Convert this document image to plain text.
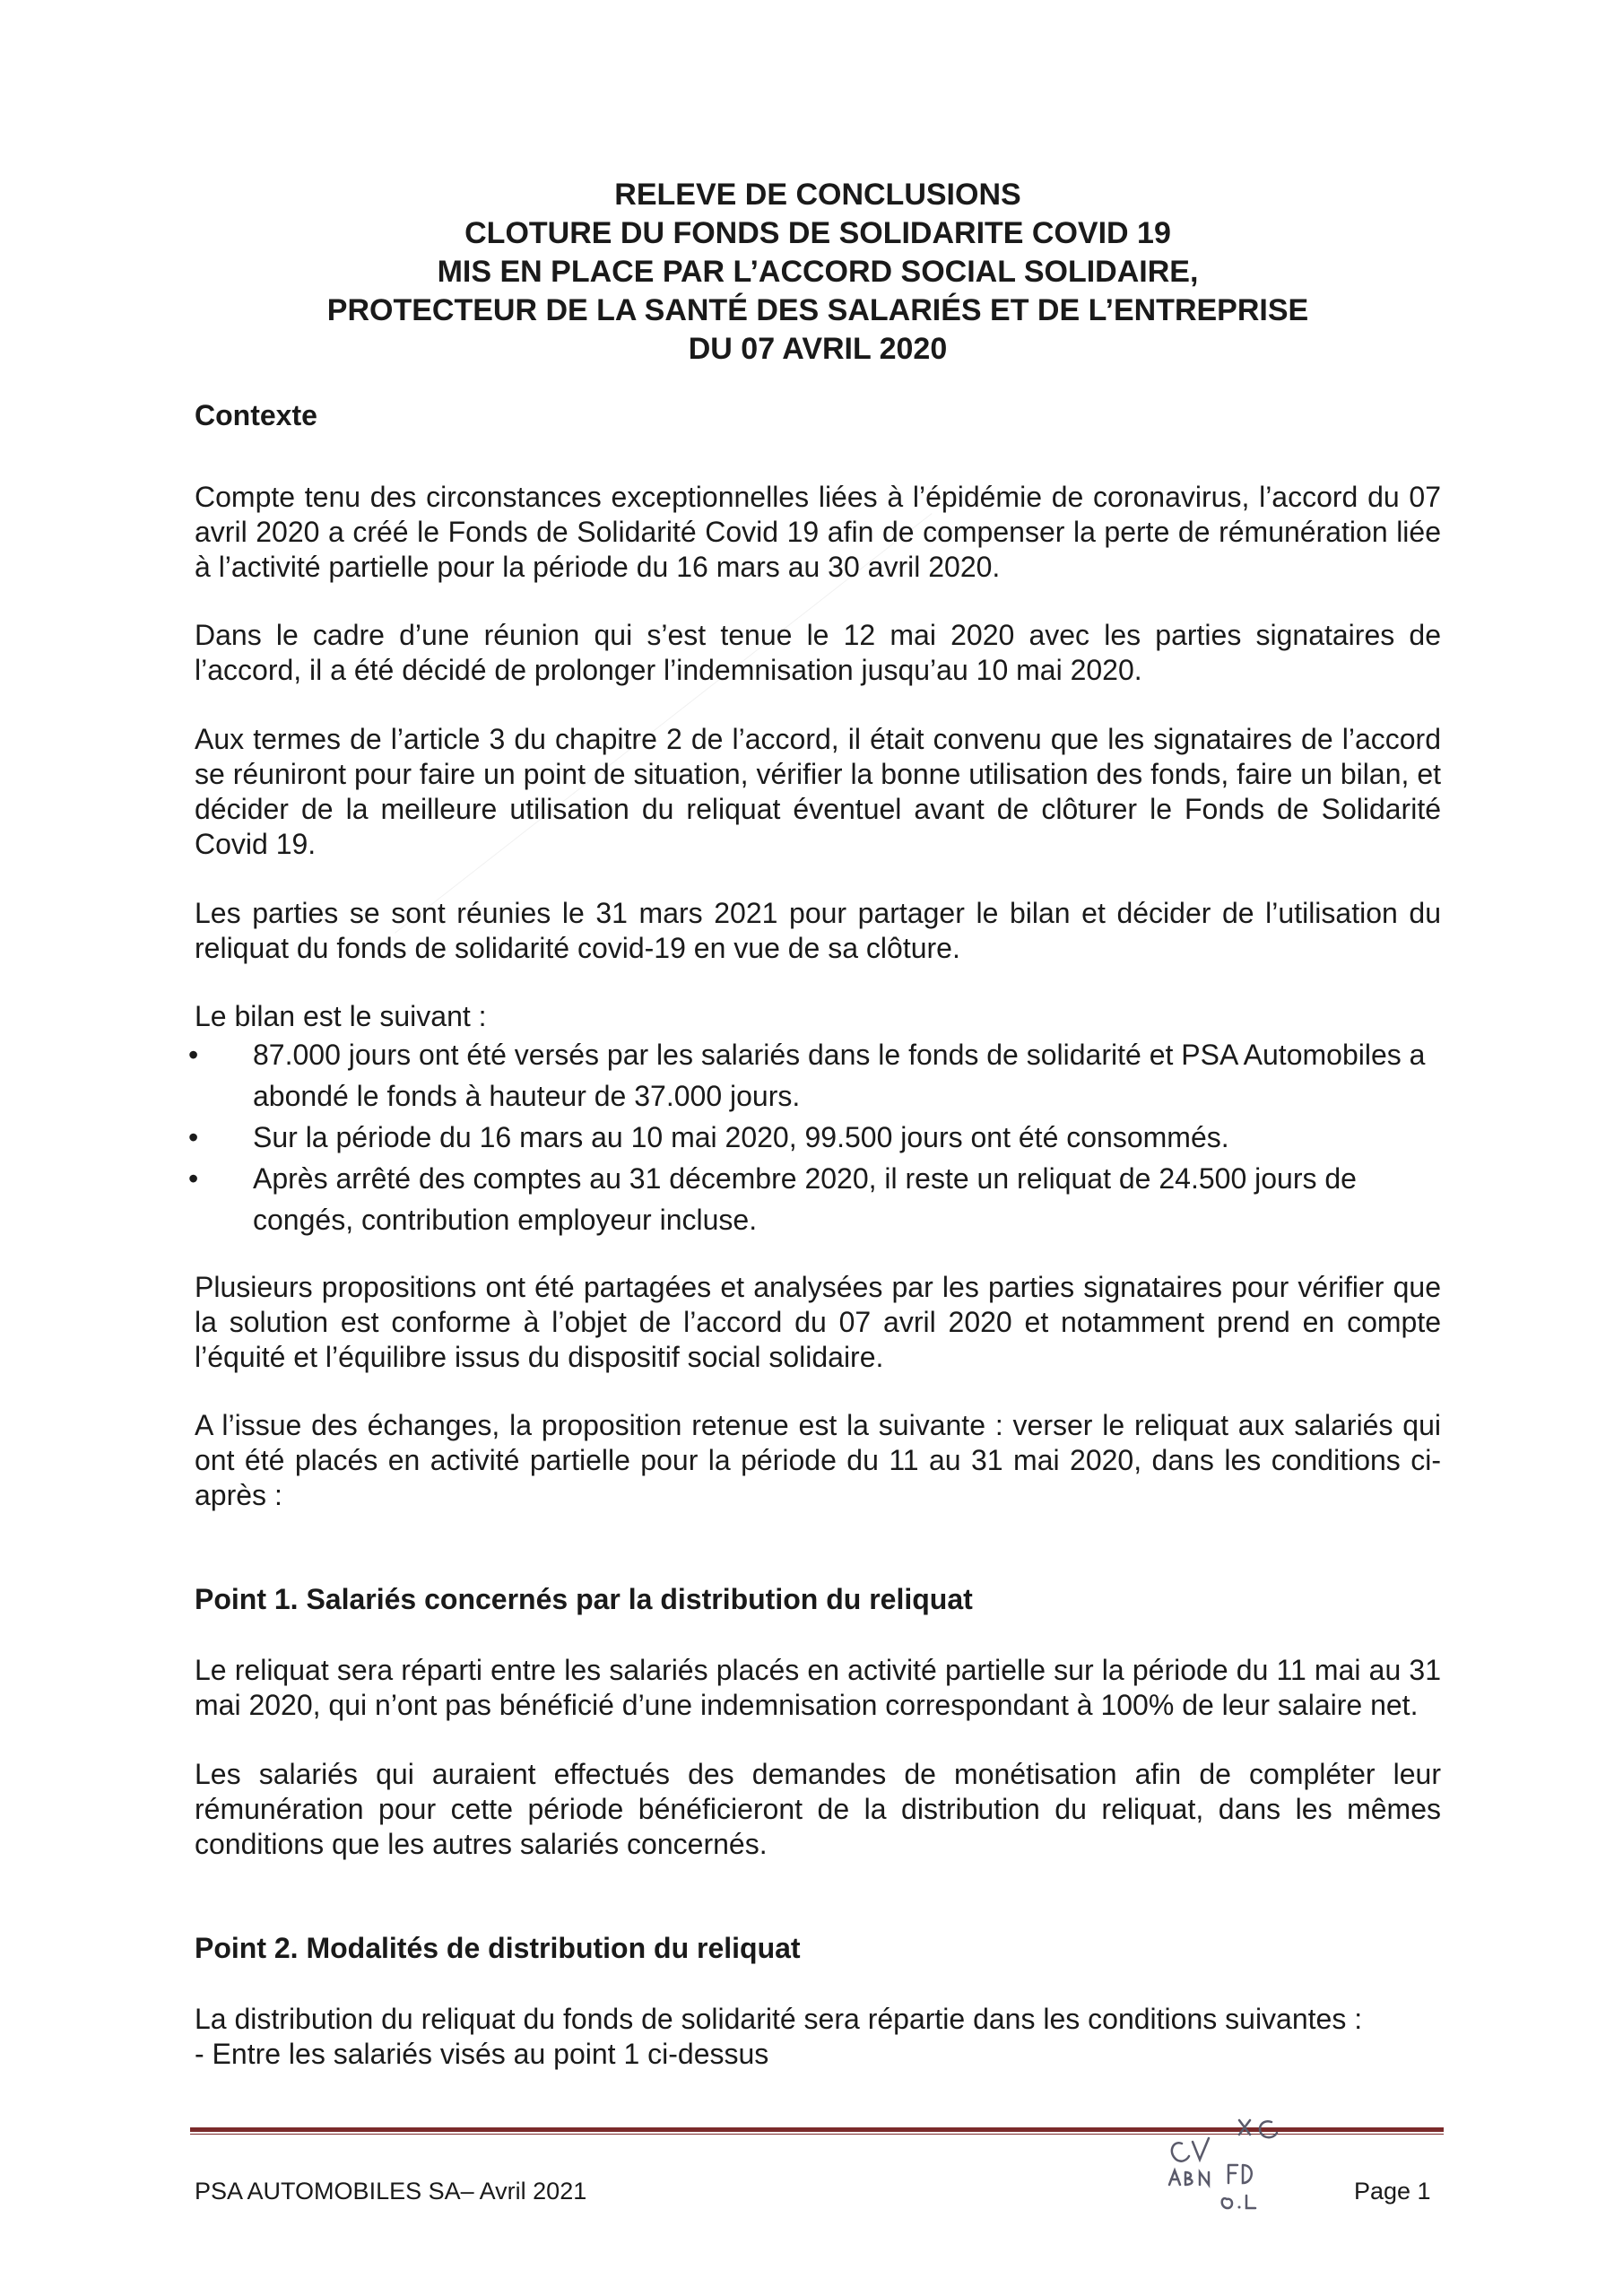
RELEVE DE CONCLUSIONS
CLOTURE DU FONDS DE SOLIDARITE COVID 19
MIS EN PLACE PAR L’ACCORD SOCIAL SOLIDAIRE,
PROTECTEUR DE LA SANTÉ DES SALARIÉS ET DE L’ENTREPRISE
DU 07 AVRIL 2020
Contexte

Compte tenu des circonstances exceptionnelles liées à l’épidémie de coronavirus, l’accord du 07 avril 2020 a créé le Fonds de Solidarité Covid 19 afin de compenser la perte de rémunération liée à l’activité partielle pour la période du 16 mars au 30 avril 2020.

Dans le cadre d’une réunion qui s’est tenue le 12 mai 2020 avec les parties signataires de l’accord, il a été décidé de prolonger l’indemnisation jusqu’au 10 mai 2020.

Aux termes de l’article 3 du chapitre 2 de l’accord, il était convenu que les signataires de l’accord se réuniront pour faire un point de situation, vérifier la bonne utilisation des fonds, faire un bilan, et décider de la meilleure utilisation du reliquat éventuel avant de clôturer le Fonds de Solidarité Covid 19.

Les parties se sont réunies le 31 mars 2021 pour partager le bilan et décider de l’utilisation du reliquat du fonds de solidarité covid-19 en vue de sa clôture.

Le bilan est le suivant :

• 87.000 jours ont été versés par les salariés dans le fonds de solidarité et PSA Automobiles a abondé le fonds à hauteur de 37.000 jours.
• Sur la période du 16 mars au 10 mai 2020, 99.500 jours ont été consommés.
• Après arrêté des comptes au 31 décembre 2020, il reste un reliquat de 24.500 jours de congés, contribution employeur incluse.

Plusieurs propositions ont été partagées et analysées par les parties signataires pour vérifier que la solution est conforme à l’objet de l’accord du 07 avril 2020 et notamment prend en compte l’équité et l’équilibre issus du dispositif social solidaire.

A l’issue des échanges, la proposition retenue est la suivante : verser le reliquat aux salariés qui ont été placés en activité partielle pour la période du 11 au 31 mai 2020, dans les conditions ci-après :

Point 1. Salariés concernés par la distribution du reliquat

Le reliquat sera réparti entre les salariés placés en activité partielle sur la période du 11 mai au 31 mai 2020, qui n’ont pas bénéficié d’une indemnisation correspondant à 100% de leur salaire net.

Les salariés qui auraient effectués des demandes de monétisation afin de compléter leur rémunération pour cette période bénéficieront de la distribution du reliquat, dans les mêmes conditions que les autres salariés concernés.

Point 2. Modalités de distribution du reliquat

La distribution du reliquat du fonds de solidarité sera répartie dans les conditions suivantes :

- Entre les salariés visés au point 1 ci-dessus

PSA AUTOMOBILES SA– Avril 2021	Page 1
